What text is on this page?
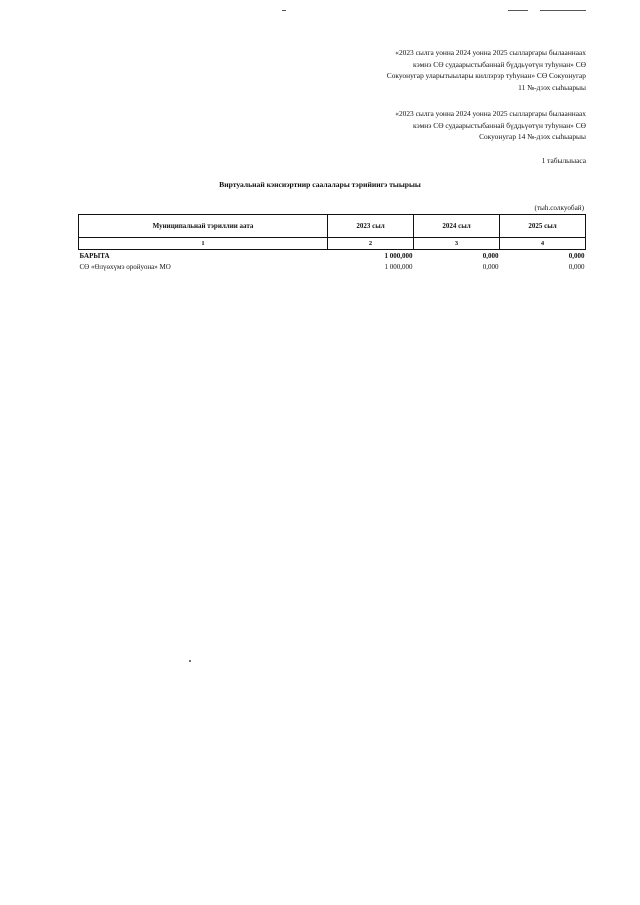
«2023 сылга уонна 2024 уонна 2025 сылларгары былааннаах
кэмнэ СӨ судаарыстыбаннай бүддьүөтүн туһунан» СӨ
Сокуонугар уларытыылары киллэрэр туһунан» СӨ Сокуонугар
11 №-дээх сыһыарыы
«2023 сылга уонна 2024 уонна 2025 сылларгары былааннаах
кэмнэ СӨ судаарыстыбаннай бүддьүөтүн туһунан» СӨ
Сокуонугар 14 №-дээх сыһыарыы
1 табылыыаса
Виртуальнай кэнсиэртиир саалалары тэрийиигэ тыырыы
(тыһ.солкуобай)
Муниципальнай тэриллии аата	2023 сыл	2024 сыл	2025 сыл
1	2	3	4
БАРЫТА	1 000,000	0,000	0,000
СӨ «Өлүөхүмэ оройуона» МО	1 000,000	0,000	0,000
